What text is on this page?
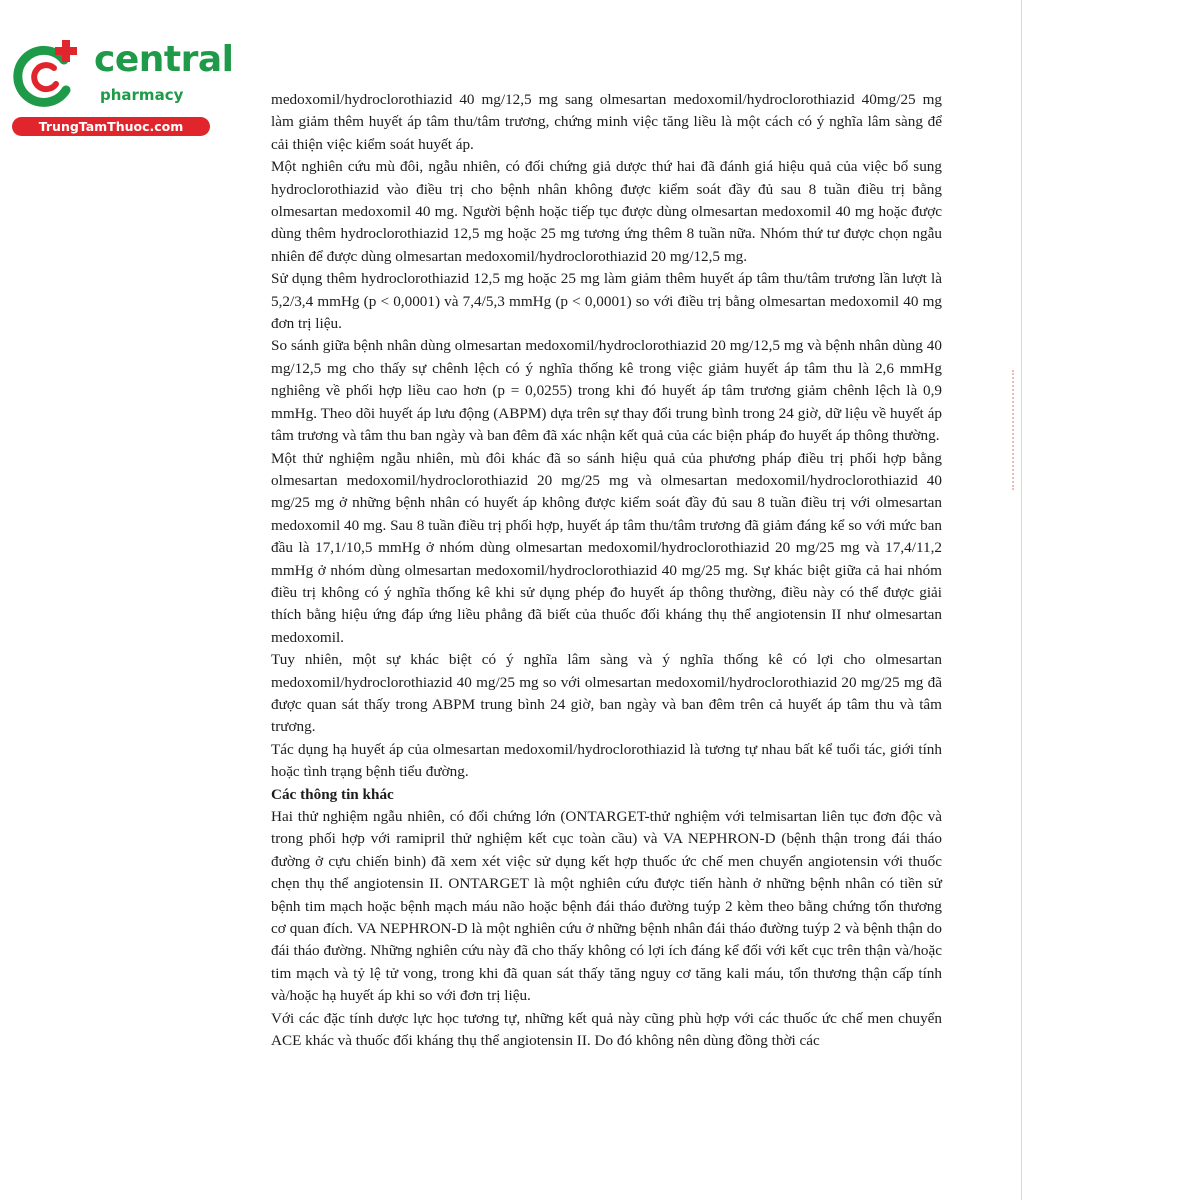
central
pharmacy
TrungTamThuoc.com

medoxomil/hydroclorothiazid 40 mg/12,5 mg sang olmesartan medoxomil/hydroclorothiazid 40mg/25 mg làm giảm thêm huyết áp tâm thu/tâm trương, chứng minh việc tăng liều là một cách có ý nghĩa lâm sàng để cải thiện việc kiểm soát huyết áp.

Một nghiên cứu mù đôi, ngẫu nhiên, có đối chứng giả dược thứ hai đã đánh giá hiệu quả của việc bổ sung hydroclorothiazid vào điều trị cho bệnh nhân không được kiểm soát đầy đủ sau 8 tuần điều trị bằng olmesartan medoxomil 40 mg. Người bệnh hoặc tiếp tục được dùng olmesartan medoxomil 40 mg hoặc được dùng thêm hydroclorothiazid 12,5 mg hoặc 25 mg tương ứng thêm 8 tuần nữa. Nhóm thứ tư được chọn ngẫu nhiên để được dùng olmesartan medoxomil/hydroclorothiazid 20 mg/12,5 mg.

Sử dụng thêm hydroclorothiazid 12,5 mg hoặc 25 mg làm giảm thêm huyết áp tâm thu/tâm trương lần lượt là 5,2/3,4 mmHg (p < 0,0001) và 7,4/5,3 mmHg (p < 0,0001) so với điều trị bằng olmesartan medoxomil 40 mg đơn trị liệu.

So sánh giữa bệnh nhân dùng olmesartan medoxomil/hydroclorothiazid 20 mg/12,5 mg và bệnh nhân dùng 40 mg/12,5 mg cho thấy sự chênh lệch có ý nghĩa thống kê trong việc giảm huyết áp tâm thu là 2,6 mmHg nghiêng về phối hợp liều cao hơn (p = 0,0255) trong khi đó huyết áp tâm trương giảm chênh lệch là 0,9 mmHg. Theo dõi huyết áp lưu động (ABPM) dựa trên sự thay đổi trung bình trong 24 giờ, dữ liệu về huyết áp tâm trương và tâm thu ban ngày và ban đêm đã xác nhận kết quả của các biện pháp đo huyết áp thông thường.

Một thử nghiệm ngẫu nhiên, mù đôi khác đã so sánh hiệu quả của phương pháp điều trị phối hợp bằng olmesartan medoxomil/hydroclorothiazid 20 mg/25 mg và olmesartan medoxomil/hydroclorothiazid 40 mg/25 mg ở những bệnh nhân có huyết áp không được kiểm soát đầy đủ sau 8 tuần điều trị với olmesartan medoxomil 40 mg. Sau 8 tuần điều trị phối hợp, huyết áp tâm thu/tâm trương đã giảm đáng kể so với mức ban đầu là 17,1/10,5 mmHg ở nhóm dùng olmesartan medoxomil/hydroclorothiazid 20 mg/25 mg và 17,4/11,2 mmHg ở nhóm dùng olmesartan medoxomil/hydroclorothiazid 40 mg/25 mg. Sự khác biệt giữa cả hai nhóm điều trị không có ý nghĩa thống kê khi sử dụng phép đo huyết áp thông thường, điều này có thể được giải thích bằng hiệu ứng đáp ứng liều phẳng đã biết của thuốc đối kháng thụ thể angiotensin II như olmesartan medoxomil.

Tuy nhiên, một sự khác biệt có ý nghĩa lâm sàng và ý nghĩa thống kê có lợi cho olmesartan medoxomil/hydroclorothiazid 40 mg/25 mg so với olmesartan medoxomil/hydroclorothiazid 20 mg/25 mg đã được quan sát thấy trong ABPM trung bình 24 giờ, ban ngày và ban đêm trên cả huyết áp tâm thu và tâm trương.

Tác dụng hạ huyết áp của olmesartan medoxomil/hydroclorothiazid là tương tự nhau bất kể tuổi tác, giới tính hoặc tình trạng bệnh tiểu đường.

Các thông tin khác

Hai thử nghiệm ngẫu nhiên, có đối chứng lớn (ONTARGET-thử nghiệm với telmisartan liên tục đơn độc và trong phối hợp với ramipril thử nghiệm kết cục toàn cầu) và VA NEPHRON-D (bệnh thận trong đái tháo đường ở cựu chiến binh) đã xem xét việc sử dụng kết hợp thuốc ức chế men chuyển angiotensin với thuốc chẹn thụ thể angiotensin II. ONTARGET là một nghiên cứu được tiến hành ở những bệnh nhân có tiền sử bệnh tim mạch hoặc bệnh mạch máu não hoặc bệnh đái tháo đường tuýp 2 kèm theo bằng chứng tổn thương cơ quan đích. VA NEPHRON-D là một nghiên cứu ở những bệnh nhân đái tháo đường tuýp 2 và bệnh thận do đái tháo đường. Những nghiên cứu này đã cho thấy không có lợi ích đáng kể đối với kết cục trên thận và/hoặc tim mạch và tỷ lệ tử vong, trong khi đã quan sát thấy tăng nguy cơ tăng kali máu, tổn thương thận cấp tính và/hoặc hạ huyết áp khi so với đơn trị liệu.

Với các đặc tính dược lực học tương tự, những kết quả này cũng phù hợp với các thuốc ức chế men chuyển ACE khác và thuốc đối kháng thụ thể angiotensin II. Do đó không nên dùng đồng thời các
